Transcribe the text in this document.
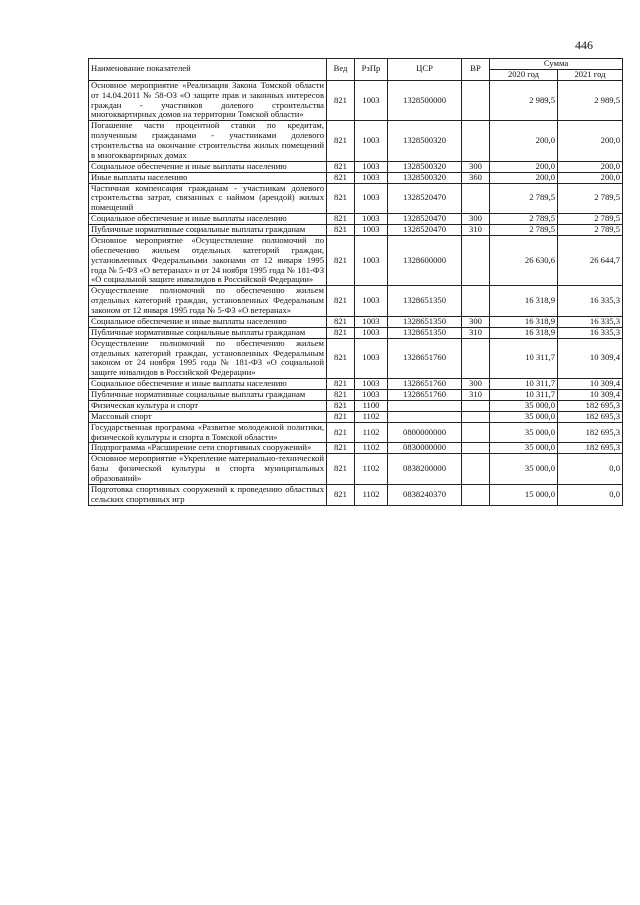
446
Наименование показателей	Вед	РзПр	ЦСР	ВР	Сумма	
					2020 год	2021 год
Основное мероприятие «Реализация Закона Томской области от 14.04.2011 № 58-ОЗ «О защите прав и законных интересов граждан - участников долевого строительства многоквартирных домов на территории Томской области»	821	1003	1328500000		2 989,5	2 989,5
Погашение части процентной ставки по кредитам, полученным гражданами - участниками долевого строительства на окончание строительства жилых помещений в многоквартирных домах	821	1003	1328500320		200,0	200,0
Социальное обеспечение и иные выплаты населению	821	1003	1328500320	300	200,0	200,0
Иные выплаты населению	821	1003	1328500320	360	200,0	200,0
Частичная компенсация гражданам - участникам долевого строительства затрат, связанных с наймом (арендой) жилых помещений	821	1003	1328520470		2 789,5	2 789,5
Социальное обеспечение и иные выплаты населению	821	1003	1328520470	300	2 789,5	2 789,5
Публичные нормативные социальные выплаты гражданам	821	1003	1328520470	310	2 789,5	2 789,5
Основное мероприятие «Осуществление полномочий по обеспечению жильем отдельных категорий граждан, установленных Федеральными законами от 12 января 1995 года № 5-ФЗ «О ветеранах» и от 24 ноября 1995 года № 181-ФЗ «О социальной защите инвалидов в Российской Федерации»	821	1003	1328600000		26 630,6	26 644,7
Осуществление полномочий по обеспечению жильем отдельных категорий граждан, установленных Федеральным законом от 12 января 1995 года № 5-ФЗ «О ветеранах»	821	1003	1328651350		16 318,9	16 335,3
Социальное обеспечение и иные выплаты населению	821	1003	1328651350	300	16 318,9	16 335,3
Публичные нормативные социальные выплаты гражданам	821	1003	1328651350	310	16 318,9	16 335,3
Осуществление полномочий по обеспечению жильем отдельных категорий граждан, установленных Федеральным законом от 24 ноября 1995 года № 181-ФЗ «О социальной защите инвалидов в Российской Федерации»	821	1003	1328651760		10 311,7	10 309,4
Социальное обеспечение и иные выплаты населению	821	1003	1328651760	300	10 311,7	10 309,4
Публичные нормативные социальные выплаты гражданам	821	1003	1328651760	310	10 311,7	10 309,4
Физическая культура и спорт	821	1100			35 000,0	182 695,3
Массовый спорт	821	1102			35 000,0	182 695,3
Государственная программа «Развитие молодежной политики, физической культуры и спорта в Томской области»	821	1102	0800000000		35 000,0	182 695,3
Подпрограмма «Расширение сети спортивных сооружений»	821	1102	0830000000		35 000,0	182 695,3
Основное мероприятие «Укрепление материально-технической базы физической культуры и спорта муниципальных образований»	821	1102	0838200000		35 000,0	0,0
Подготовка спортивных сооружений к проведению областных сельских спортивных игр	821	1102	0838240370		15 000,0	0,0
